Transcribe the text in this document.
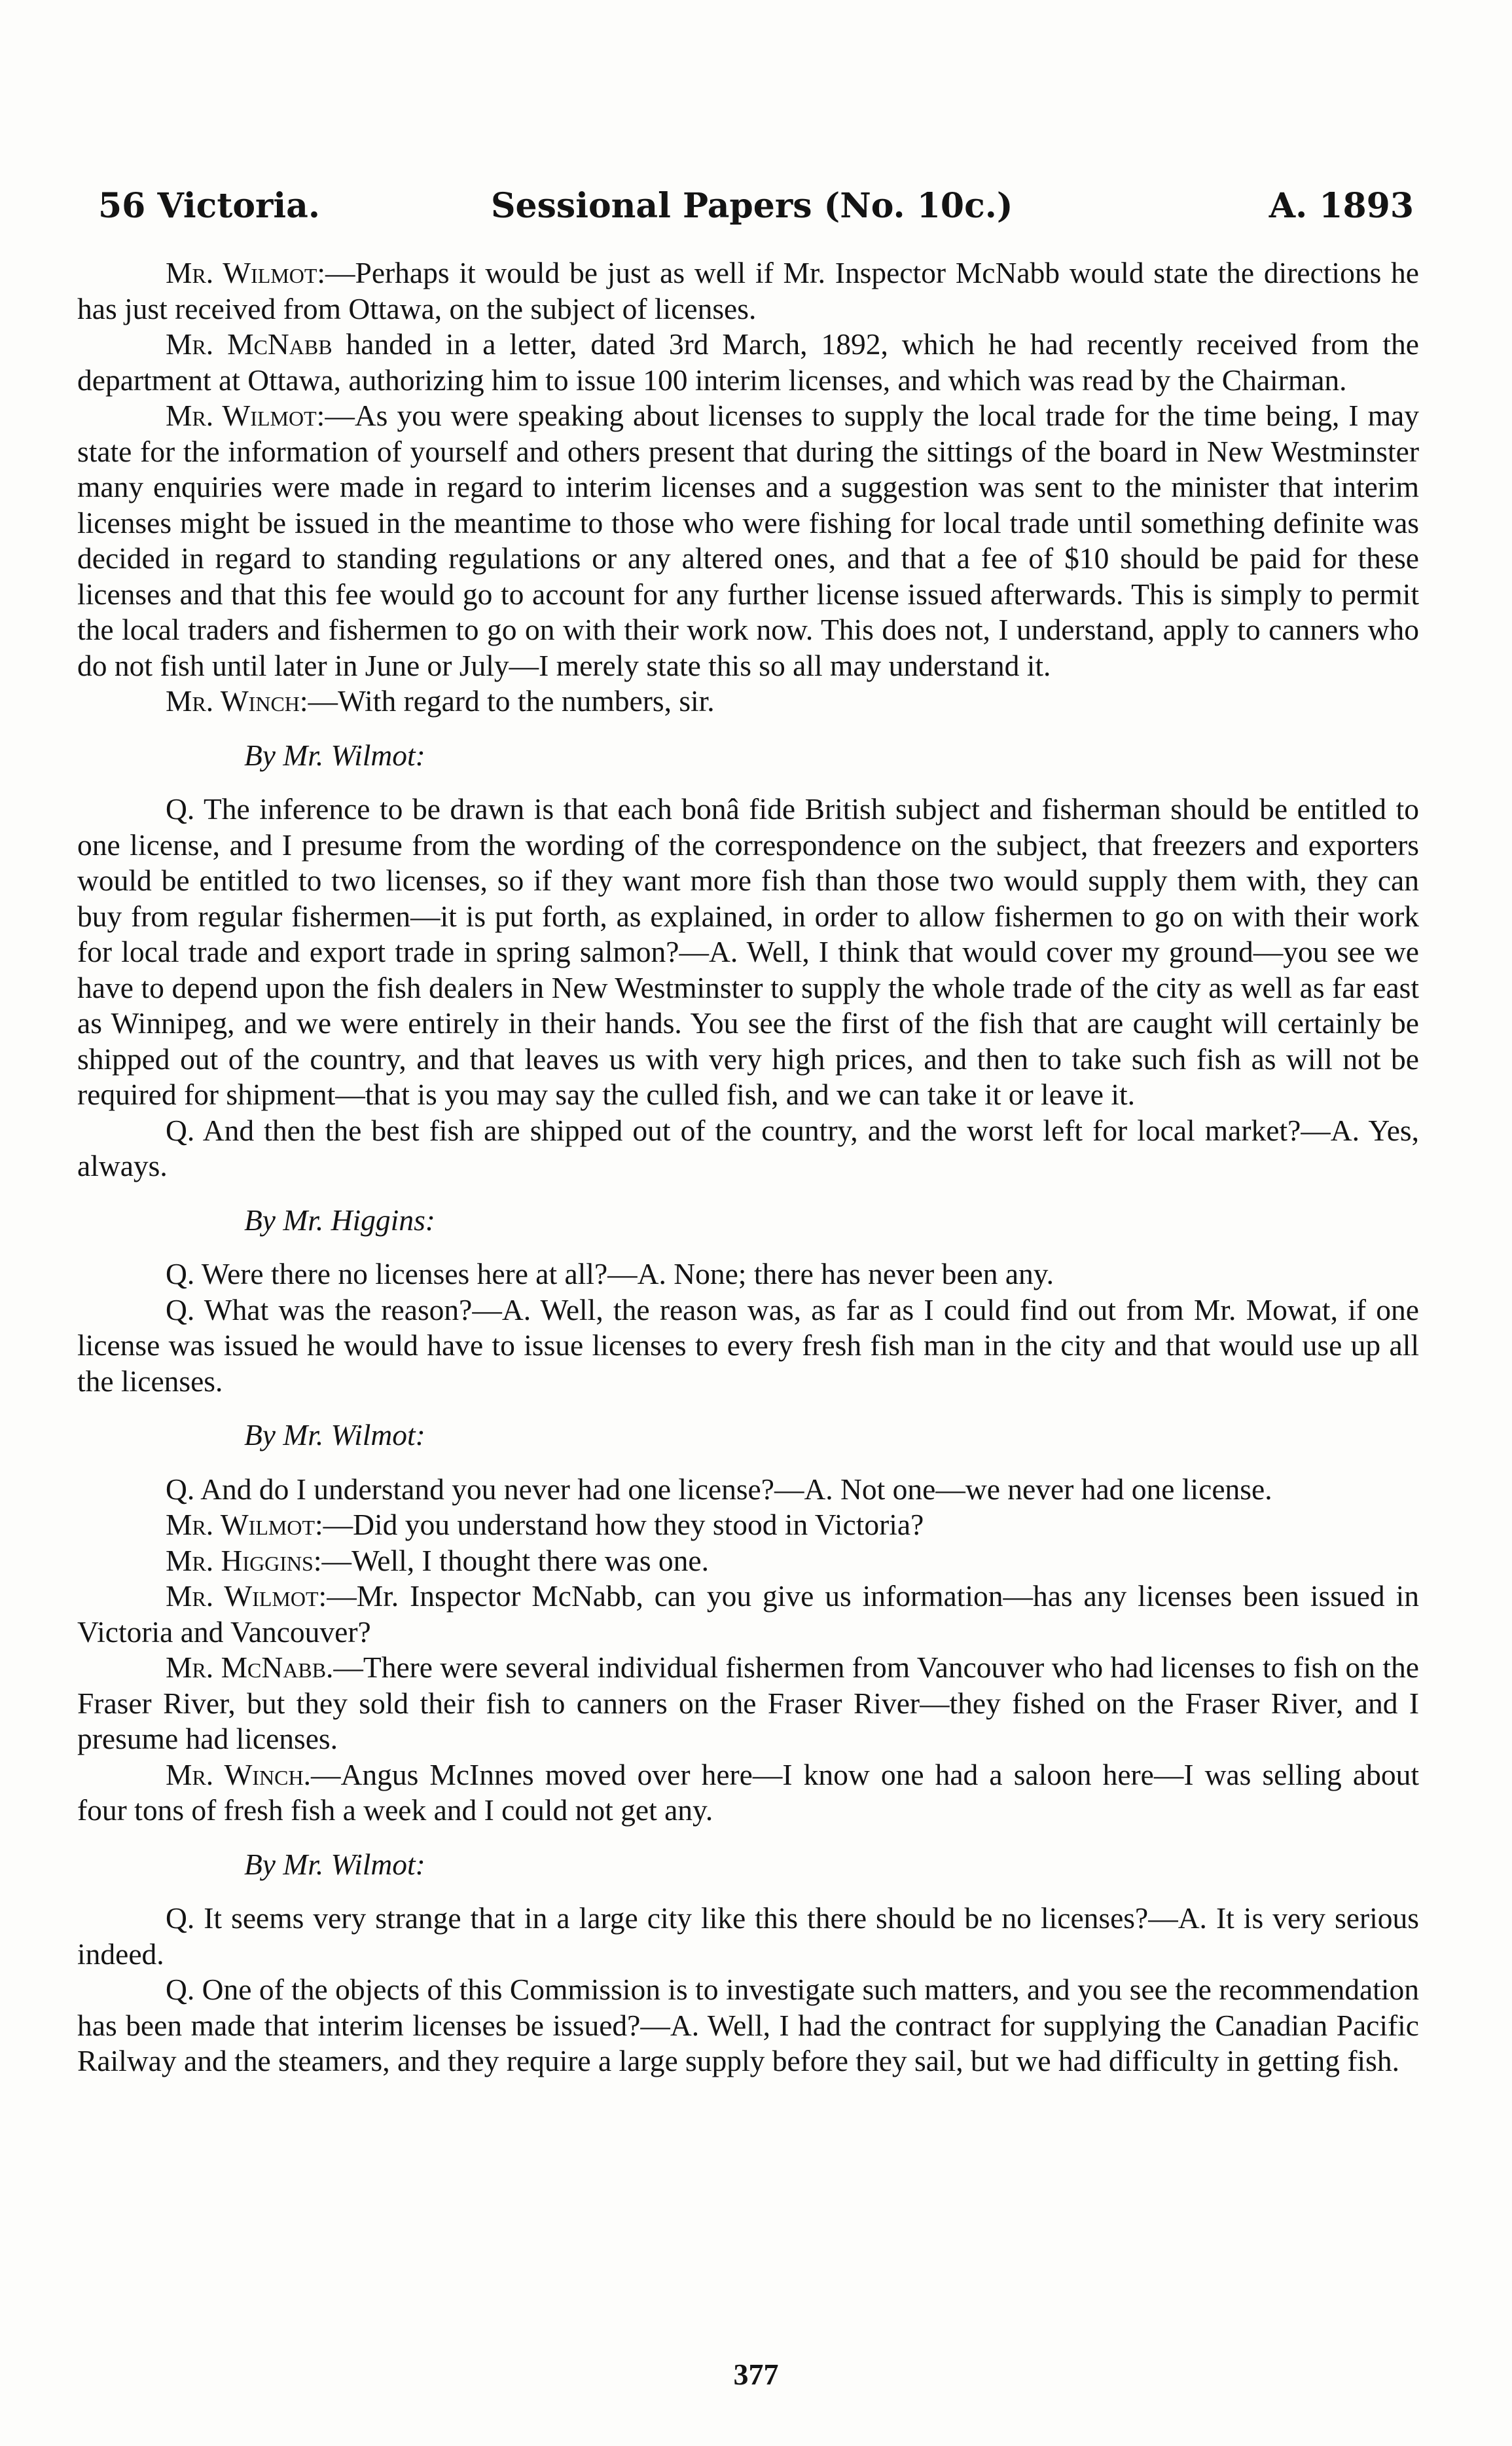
56 Victoria.	Sessional Papers (No. 10c.)	A. 1893

Mr. Wilmot:—Perhaps it would be just as well if Mr. Inspector McNabb would state the directions he has just received from Ottawa, on the subject of licenses.

Mr. McNabb handed in a letter, dated 3rd March, 1892, which he had recently received from the department at Ottawa, authorizing him to issue 100 interim licenses, and which was read by the Chairman.

Mr. Wilmot:—As you were speaking about licenses to supply the local trade for the time being, I may state for the information of yourself and others present that during the sittings of the board in New Westminster many enquiries were made in regard to interim licenses and a suggestion was sent to the minister that interim licenses might be issued in the meantime to those who were fishing for local trade until something definite was decided in regard to standing regulations or any altered ones, and that a fee of $10 should be paid for these licenses and that this fee would go to account for any further license issued afterwards. This is simply to permit the local traders and fishermen to go on with their work now. This does not, I understand, apply to canners who do not fish until later in June or July—I merely state this so all may understand it.

Mr. Winch:—With regard to the numbers, sir.

By Mr. Wilmot:

Q. The inference to be drawn is that each bonâ fide British subject and fisherman should be entitled to one license, and I presume from the wording of the correspondence on the subject, that freezers and exporters would be entitled to two licenses, so if they want more fish than those two would supply them with, they can buy from regular fishermen—it is put forth, as explained, in order to allow fishermen to go on with their work for local trade and export trade in spring salmon?—A. Well, I think that would cover my ground—you see we have to depend upon the fish dealers in New Westminster to supply the whole trade of the city as well as far east as Winnipeg, and we were entirely in their hands. You see the first of the fish that are caught will certainly be shipped out of the country, and that leaves us with very high prices, and then to take such fish as will not be required for shipment—that is you may say the culled fish, and we can take it or leave it.

Q. And then the best fish are shipped out of the country, and the worst left for local market?—A. Yes, always.

By Mr. Higgins:

Q. Were there no licenses here at all?—A. None; there has never been any.

Q. What was the reason?—A. Well, the reason was, as far as I could find out from Mr. Mowat, if one license was issued he would have to issue licenses to every fresh fish man in the city and that would use up all the licenses.

By Mr. Wilmot:

Q. And do I understand you never had one license?—A. Not one—we never had one license.

Mr. Wilmot:—Did you understand how they stood in Victoria?

Mr. Higgins:—Well, I thought there was one.

Mr. Wilmot:—Mr. Inspector McNabb, can you give us information—has any licenses been issued in Victoria and Vancouver?

Mr. McNabb.—There were several individual fishermen from Vancouver who had licenses to fish on the Fraser River, but they sold their fish to canners on the Fraser River—they fished on the Fraser River, and I presume had licenses.

Mr. Winch.—Angus McInnes moved over here—I know one had a saloon here—I was selling about four tons of fresh fish a week and I could not get any.

By Mr. Wilmot:

Q. It seems very strange that in a large city like this there should be no licenses?—A. It is very serious indeed.

Q. One of the objects of this Commission is to investigate such matters, and you see the recommendation has been made that interim licenses be issued?—A. Well, I had the contract for supplying the Canadian Pacific Railway and the steamers, and they require a large supply before they sail, but we had difficulty in getting fish.

377
